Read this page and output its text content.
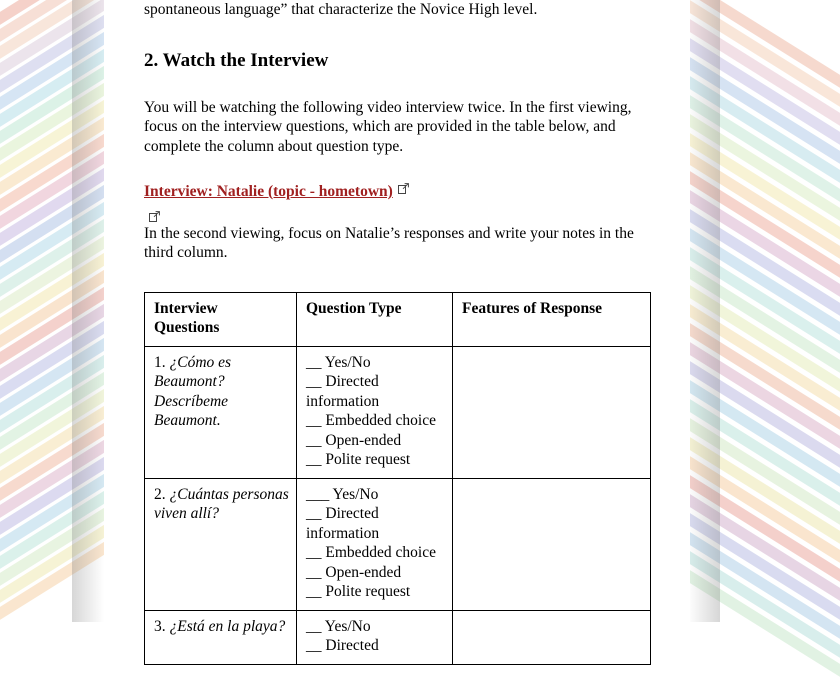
spontaneous language” that characterize the Novice High level.

2. Watch the Interview

You will be watching the following video interview twice. In the first viewing, focus on the interview questions, which are provided in the table below, and complete the column about question type.

Interview: Natalie (topic - hometown)

In the second viewing, focus on Natalie’s responses and write your notes in the third column.

Interview
Questions	Question Type	Features of Response
1. ¿Cómo es Beaumont? Descríbeme Beaumont.	__ Yes/No
__ Directed information
__ Embedded choice
__ Open-ended
__ Polite request	

2. ¿Cuántas personas viven allí?	___ Yes/No
__ Directed information
__ Embedded choice
__ Open-ended
__ Polite request	

3. ¿Está en la playa?	__ Yes/No
__ Directed	
